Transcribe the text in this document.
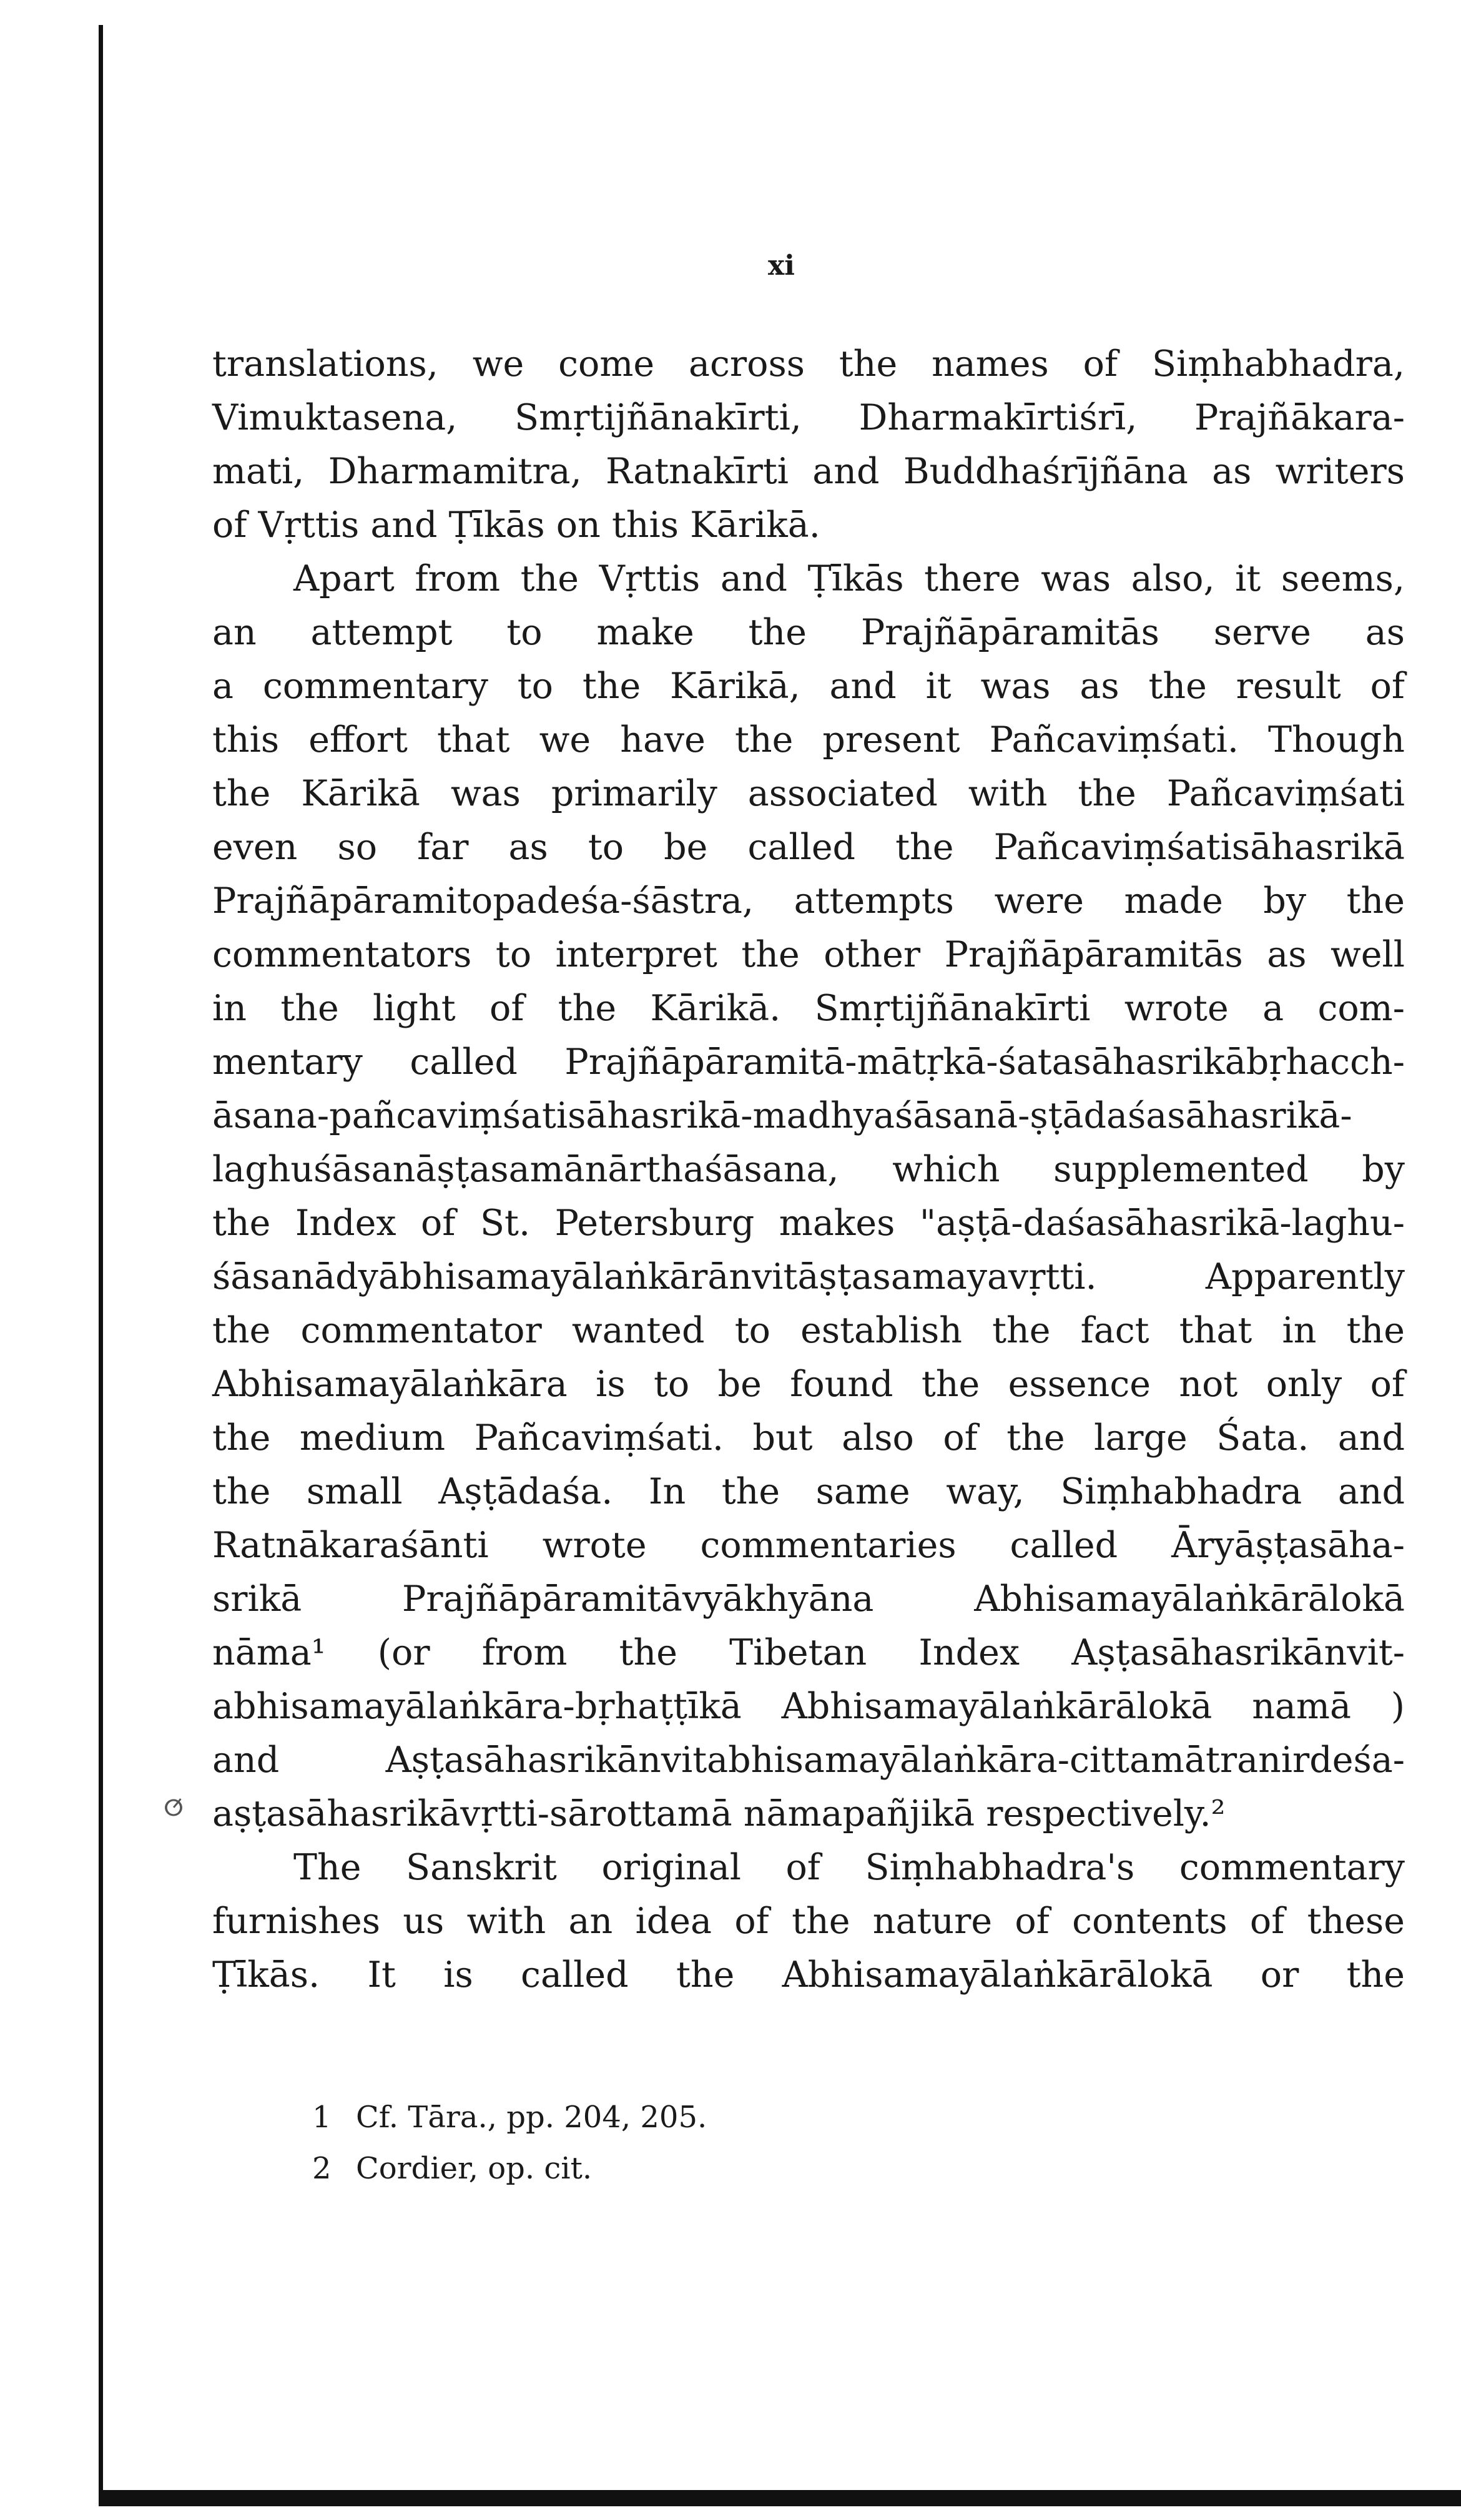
xi
ⵚ
translations, we come across the names of Siṃhabhadra,
Vimuktasena, Smṛtijñānakīrti, Dharmakīrtiśrī, Prajñākara-
mati, Dharmamitra, Ratnakīrti and Buddhaśrījñāna as writers
of Vṛttis and Ṭīkās on this Kārikā.
Apart from the Vṛttis and Ṭīkās there was also, it seems,
an attempt to make the Prajñāpāramitās serve as
a commentary to the Kārikā, and it was as the result of
this effort that we have the present Pañcaviṃśati. Though
the Kārikā was primarily associated with the Pañcaviṃśati
even so far as to be called the Pañcaviṃśatisāhasrikā
Prajñāpāramitopadeśa-śāstra, attempts were made by the
commentators to interpret the other Prajñāpāramitās as well
in the light of the Kārikā. Smṛtijñānakīrti wrote a com-
mentary called Prajñāpāramitā-mātṛkā-śatasāhasrikābṛhacch-
āsana-pañcaviṃśatisāhasrikā-madhyaśāsanā-ṣṭādaśasāhasrikā-
laghuśāsanāṣṭasamānārthaśāsana, which supplemented by
the Index of St. Petersburg makes "aṣṭā-daśasāhasrikā-laghu-
śāsanādyābhisamayālaṅkārānvitāṣṭasamayavṛtti. Apparently
the commentator wanted to establish the fact that in the
Abhisamayālaṅkāra is to be found the essence not only of
the medium Pañcaviṃśati. but also of the large Śata. and
the small Aṣṭādaśa. In the same way, Siṃhabhadra and
Ratnākaraśānti wrote commentaries called Āryāṣṭasāha-
srikā Prajñāpāramitāvyākhyāna Abhisamayālaṅkārālokā
nāma¹ (or from the Tibetan Index Aṣṭasāhasrikānvit-
abhisamayālaṅkāra-bṛhaṭṭīkā Abhisamayālaṅkārālokā namā )
and Aṣṭasāhasrikānvitabhisamayālaṅkāra-cittamātranirdeśa-
aṣṭasāhasrikāvṛtti-sārottamā nāmapañjikā respectively.²
The Sanskrit original of Siṃhabhadra's commentary
furnishes us with an idea of the nature of contents of these
Ṭīkās. It is called the Abhisamayālaṅkārālokā or the
1 Cf. Tāra., pp. 204, 205.
2 Cordier, op. cit.
